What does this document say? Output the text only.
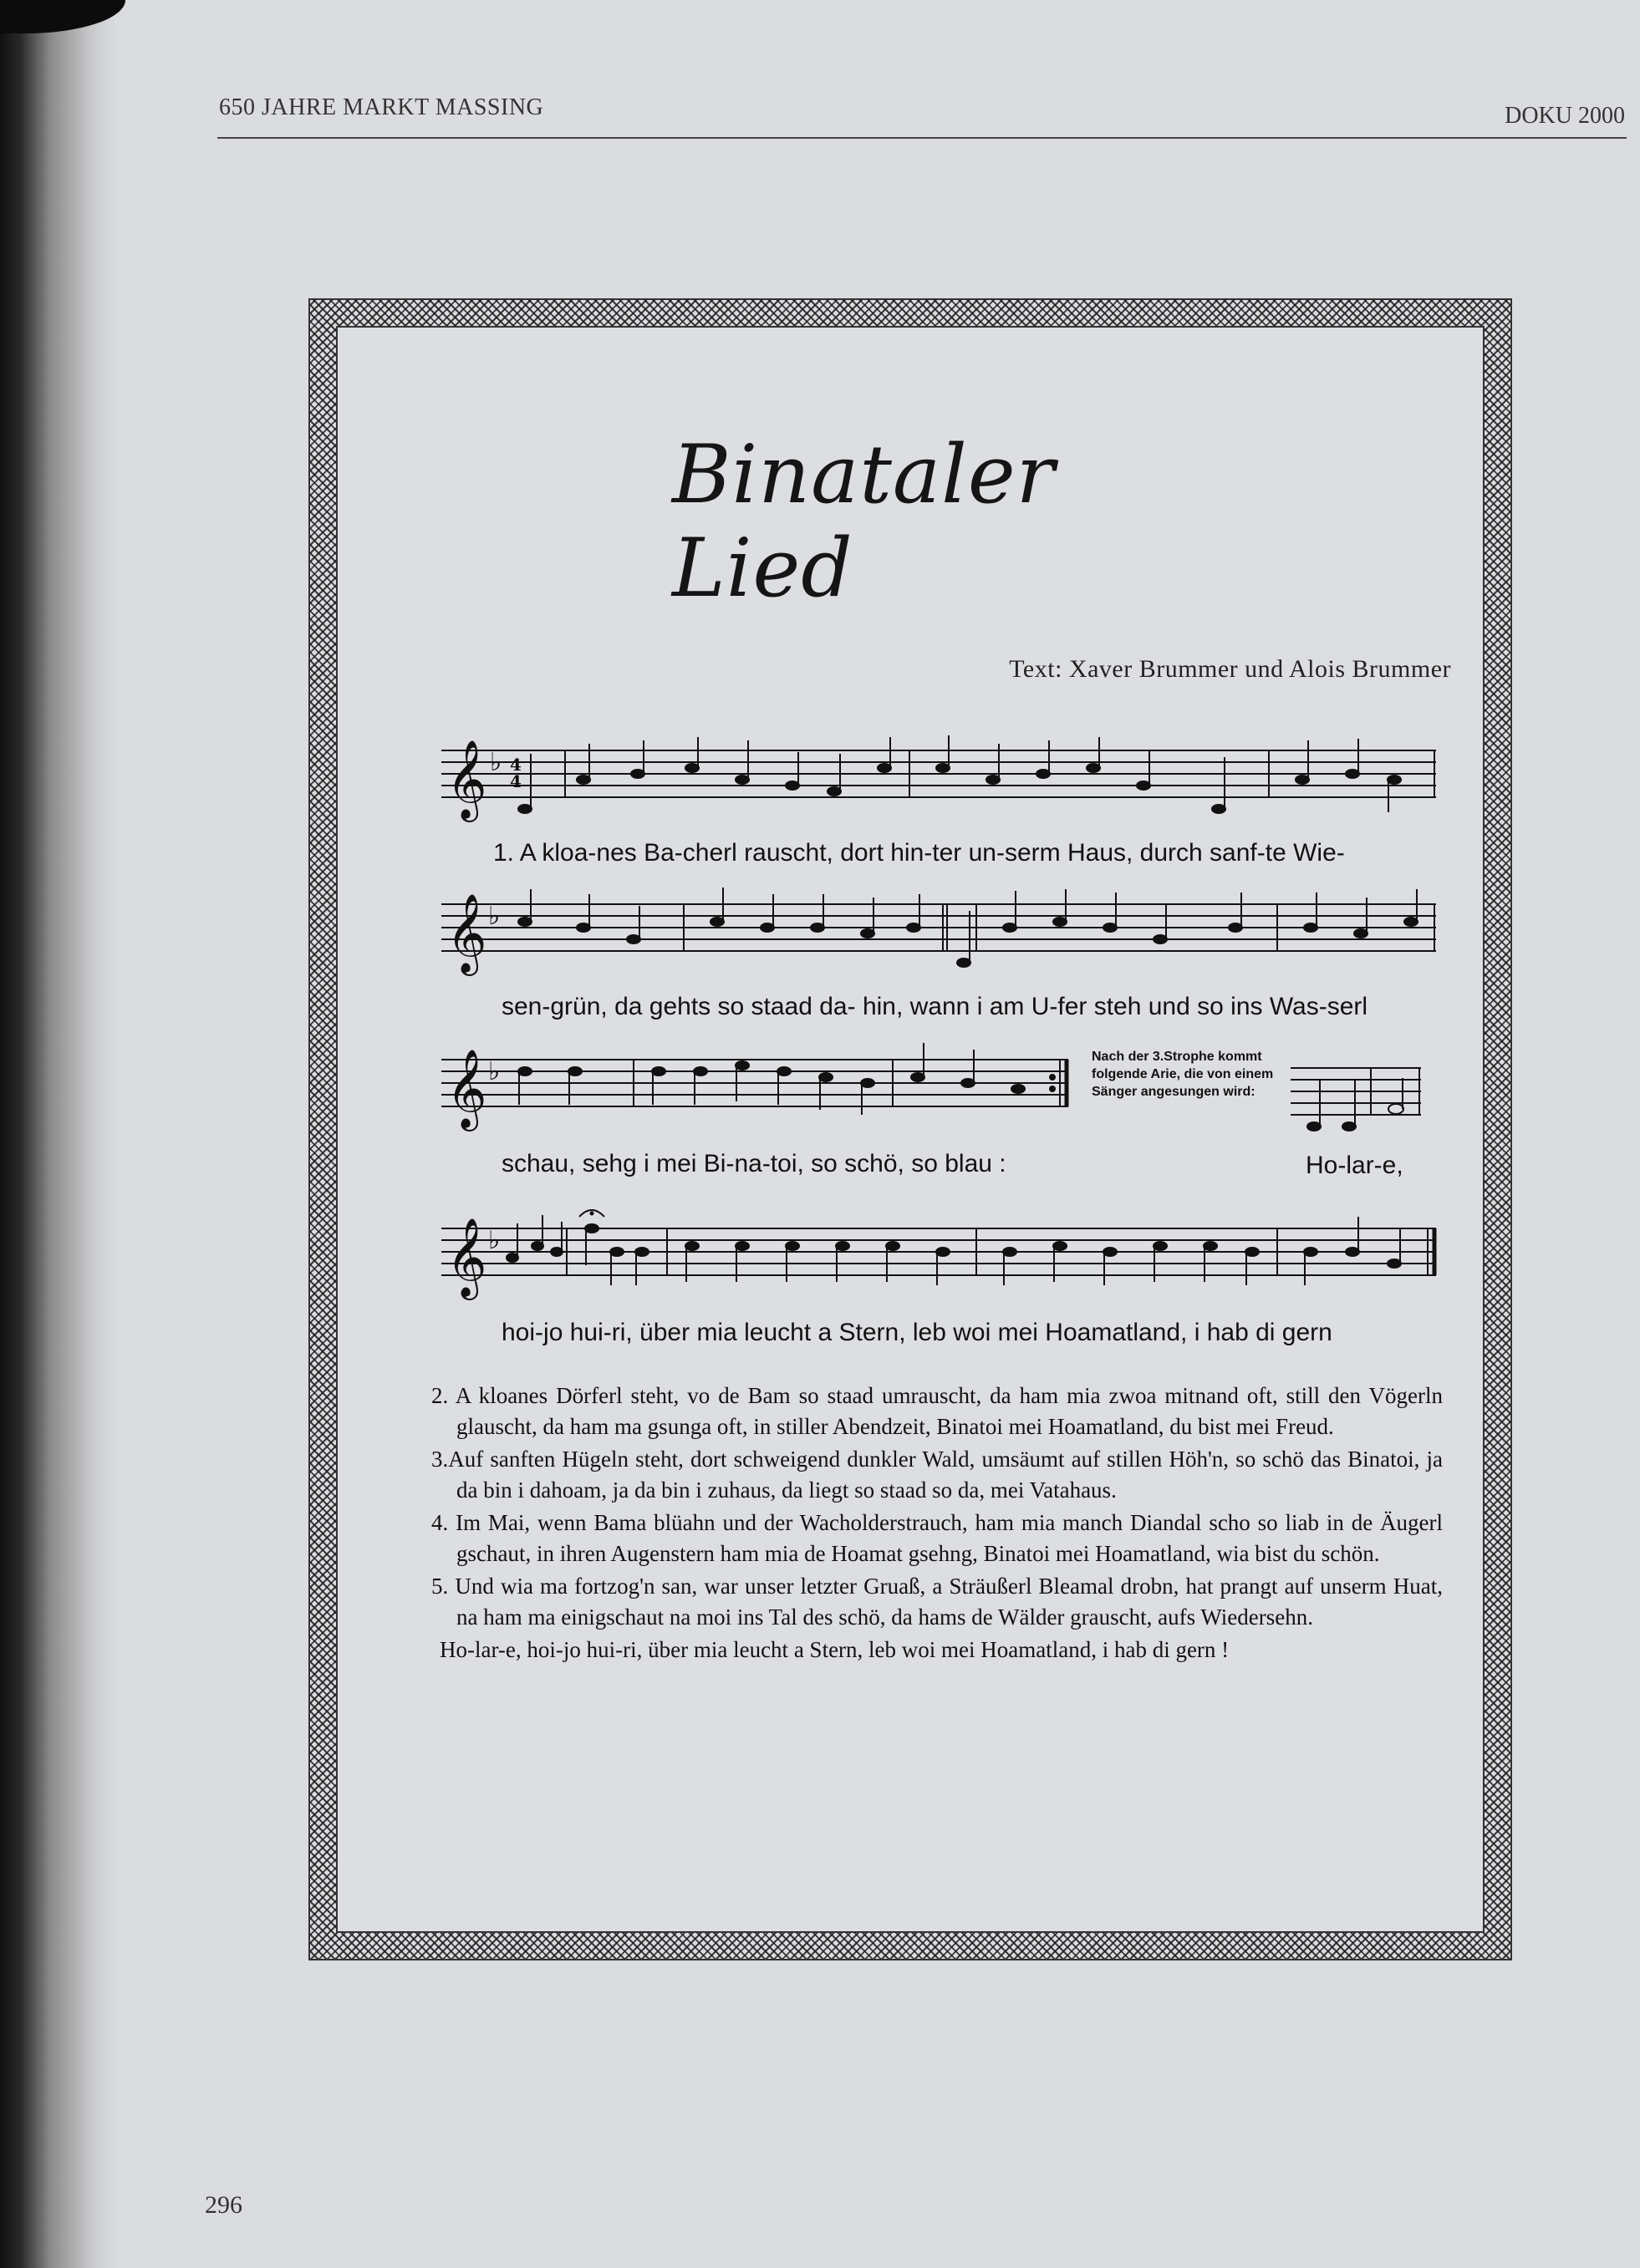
650 JAHRE MARKT MASSING	DOKU 2000
Binataler Lied
Text: Xaver Brummer und Alois Brummer
𝄞 ♭ 4
4
1. A kloa-nes Ba-cherl rauscht, dort hin-ter un-serm Haus, durch sanf-te Wie-
𝄞 ♭
sen-grün, da gehts so staad da- hin, wann i am U-fer steh und so ins Was-serl
𝄞 ♭
Nach der 3.Strophe kommt folgende Arie, die von einem Sänger angesungen wird:
schau, sehg i mei Bi-na-toi, so schö, so blau :	Ho-lar-e,
𝄞 ♭
hoi-jo hui-ri, über mia leucht a Stern, leb woi mei Hoamatland, i hab di gern
2. A kloanes Dörferl steht, vo de Bam so staad umrauscht, da ham mia zwoa mitnand oft, still den Vögerln glauscht, da ham ma gsunga oft, in stiller Abendzeit, Binatoi mei Hoamatland, du bist mei Freud.
3.Auf sanften Hügeln steht, dort schweigend dunkler Wald, umsäumt auf stillen Höh'n, so schö das Binatoi, ja da bin i dahoam, ja da bin i zuhaus, da liegt so staad so da, mei Vatahaus.
4. Im Mai, wenn Bama blüahn und der Wacholderstrauch, ham mia manch Diandal scho so liab in de Äugerl gschaut, in ihren Augenstern ham mia de Hoamat gsehng, Binatoi mei Hoamatland, wia bist du schön.
5. Und wia ma fortzog'n san, war unser letzter Gruaß, a Sträußerl Bleamal drobn, hat prangt auf unserm Huat, na ham ma einigschaut na moi ins Tal des schö, da hams de Wälder grauscht, aufs Wiedersehn.
Ho-lar-e, hoi-jo hui-ri, über mia leucht a Stern, leb woi mei Hoamatland, i hab di gern !
296
